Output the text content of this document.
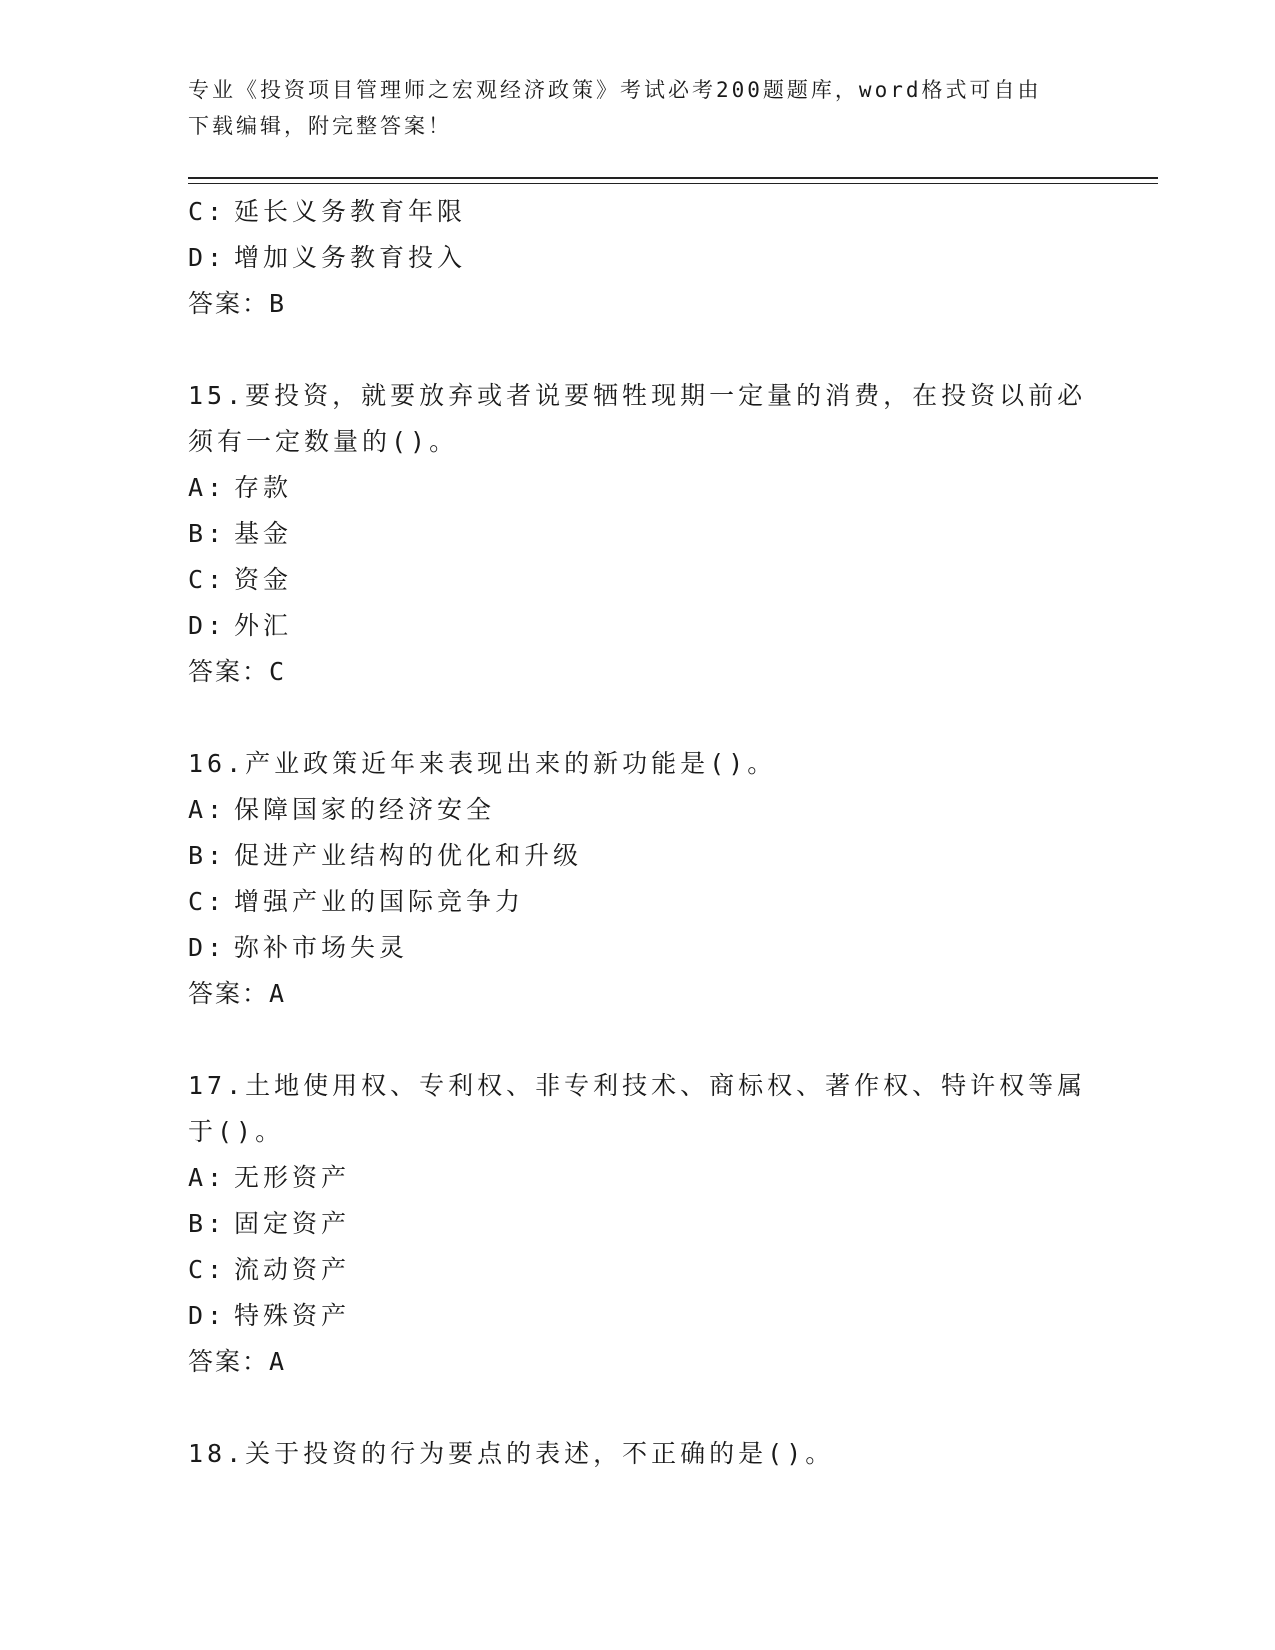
专业《投资项目管理师之宏观经济政策》考试必考200题题库，word格式可自由
下载编辑，附完整答案！
C: 延长义务教育年限
D: 增加义务教育投入
答案：B
15.要投资，就要放弃或者说要牺牲现期一定量的消费，在投资以前必
须有一定数量的()。
A: 存款
B: 基金
C: 资金
D: 外汇
答案：C
16.产业政策近年来表现出来的新功能是()。
A: 保障国家的经济安全
B: 促进产业结构的优化和升级
C: 增强产业的国际竞争力
D: 弥补市场失灵
答案：A
17.土地使用权、专利权、非专利技术、商标权、著作权、特许权等属
于()。
A: 无形资产
B: 固定资产
C: 流动资产
D: 特殊资产
答案：A
18.关于投资的行为要点的表述，不正确的是()。
